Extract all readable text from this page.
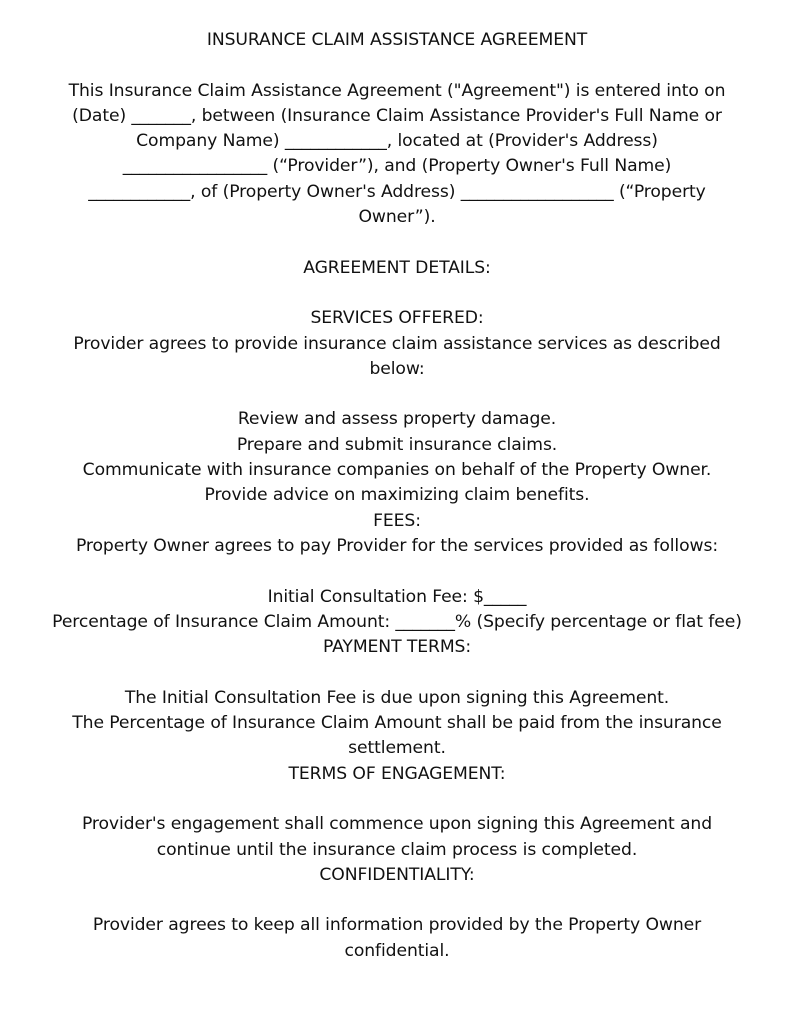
INSURANCE CLAIM ASSISTANCE AGREEMENT
This Insurance Claim Assistance Agreement ("Agreement") is entered into on
(Date) _______, between (Insurance Claim Assistance Provider's Full Name or
Company Name) ____________, located at (Provider's Address)
_________________ (“Provider”), and (Property Owner's Full Name)
____________, of (Property Owner's Address) __________________ (“Property
Owner”).
AGREEMENT DETAILS:
SERVICES OFFERED:
Provider agrees to provide insurance claim assistance services as described
below:
Review and assess property damage.
Prepare and submit insurance claims.
Communicate with insurance companies on behalf of the Property Owner.
Provide advice on maximizing claim benefits.
FEES:
Property Owner agrees to pay Provider for the services provided as follows:
Initial Consultation Fee: $_____
Percentage of Insurance Claim Amount: _______% (Specify percentage or flat fee)
PAYMENT TERMS:
The Initial Consultation Fee is due upon signing this Agreement.
The Percentage of Insurance Claim Amount shall be paid from the insurance
settlement.
TERMS OF ENGAGEMENT:
Provider's engagement shall commence upon signing this Agreement and
continue until the insurance claim process is completed.
CONFIDENTIALITY:
Provider agrees to keep all information provided by the Property Owner
confidential.
